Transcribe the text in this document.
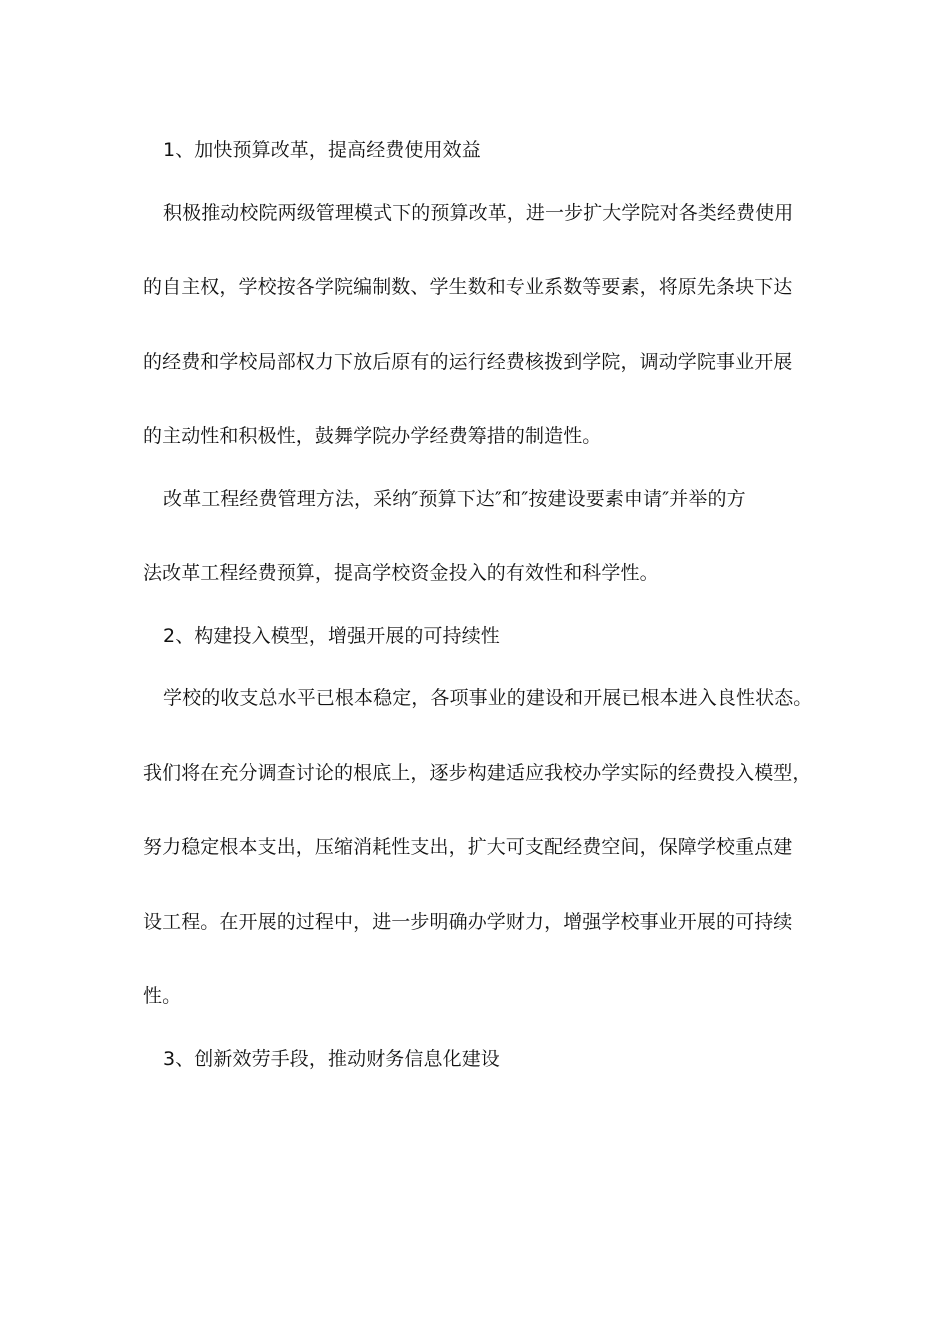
1、加快预算改革，提高经费使用效益
积极推动校院两级管理模式下的预算改革，进一步扩大学院对各类经费使用
的自主权，学校按各学院编制数、学生数和专业系数等要素，将原先条块下达
的经费和学校局部权力下放后原有的运行经费核拨到学院，调动学院事业开展
的主动性和积极性，鼓舞学院办学经费筹措的制造性。
改革工程经费管理方法，采纳″预算下达″和″按建设要素申请″并举的方
法改革工程经费预算，提高学校资金投入的有效性和科学性。
2、构建投入模型，增强开展的可持续性
学校的收支总水平已根本稳定，各项事业的建设和开展已根本进入良性状态。
我们将在充分调查讨论的根底上，逐步构建适应我校办学实际的经费投入模型，
努力稳定根本支出，压缩消耗性支出，扩大可支配经费空间，保障学校重点建
设工程。在开展的过程中，进一步明确办学财力，增强学校事业开展的可持续
性。
3、创新效劳手段，推动财务信息化建设
